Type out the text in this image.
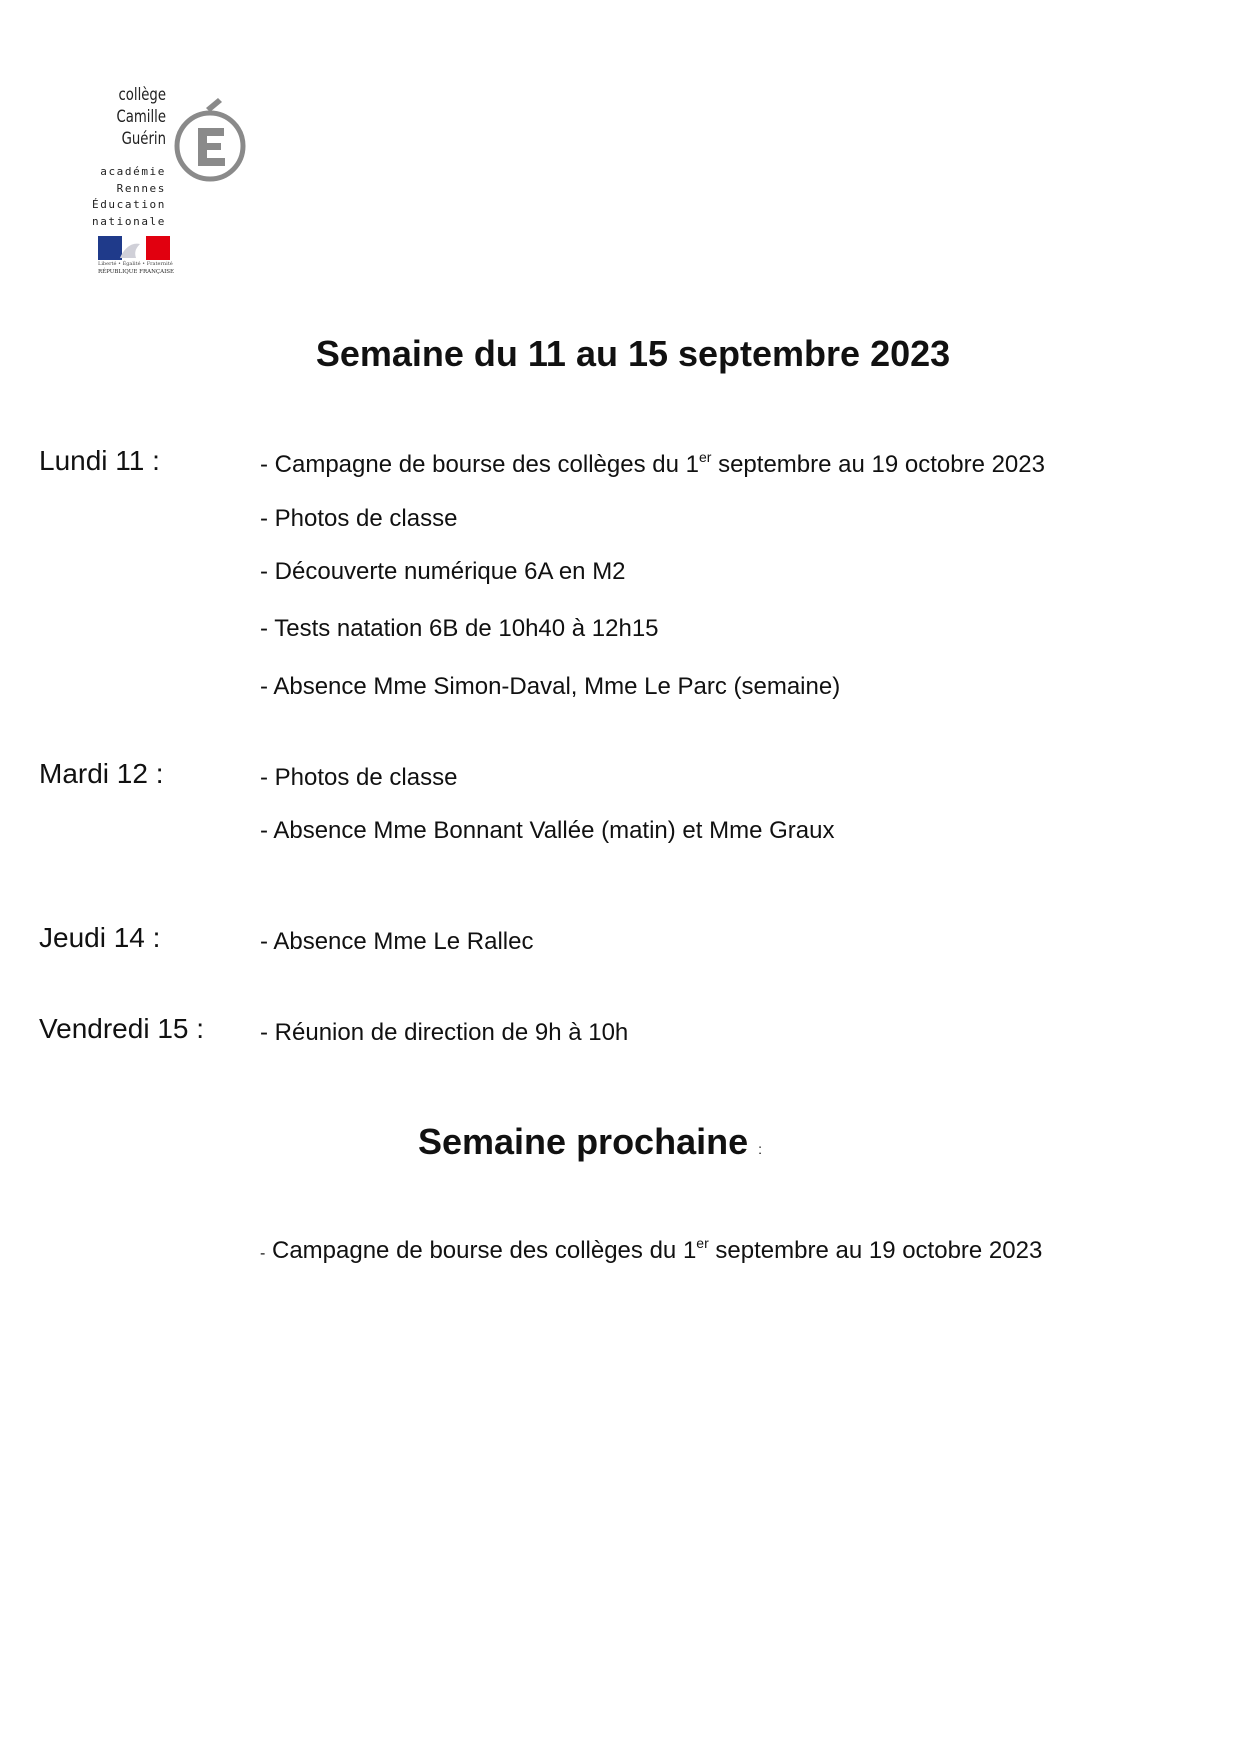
collège
Camille Guérin
académie
Rennes
Éducation
nationale
Liberté • Égalité • Fraternité
RÉPUBLIQUE FRANÇAISE
Semaine du 11 au 15 septembre 2023
Lundi 11 :	- Campagne de bourse des collèges du 1er septembre au 19 octobre 2023
- Photos de classe
- Découverte numérique 6A en M2
- Tests natation 6B de 10h40 à 12h15
- Absence Mme Simon-Daval, Mme Le Parc (semaine)
Mardi 12 :	- Photos de classe
- Absence Mme Bonnant Vallée (matin) et Mme Graux
Jeudi 14 :	- Absence Mme Le Rallec
Vendredi 15 : - Réunion de direction de 9h à 10h
Semaine prochaine :
- Campagne de bourse des collèges du 1er septembre au 19 octobre 2023
